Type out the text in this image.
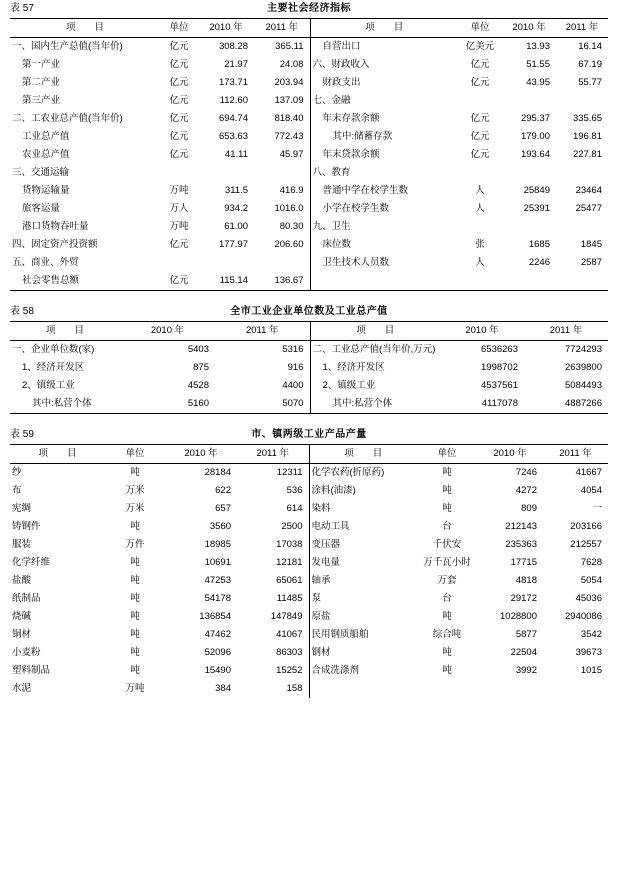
表 57	主要社会经济指标
项　　目	单位	2010 年	2011 年	项　　目	单位	2010 年	2011 年
一、国内生产总值(当年价)	亿元	308.28	365.11	自营出口	亿美元	13.93	16.14
第一产业	亿元	21.97	24.08	六、财政收入	亿元	51.55	67.19
第二产业	亿元	173.71	203.94	财政支出	亿元	43.95	55.77
第三产业	亿元	112.60	137.09	七、金融			
二、工农业总产值(当年价)	亿元	694.74	818.40	年末存款余额	亿元	295.37	335.65
工业总产值	亿元	653.63	772.43	其中:储蓄存款	亿元	179.00	196.81
农业总产值	亿元	41.11	45.97	年末贷款余额	亿元	193.64	227.81
三、交通运输				八、教育			
货物运输量	万吨	311.5	416.9	普通中学在校学生数	人	25849	23464
旅客运量	万人	934.2	1016.0	小学在校学生数	人	25391	25477
港口货物吞吐量	万吨	61.00	80.30	九、卫生			
四、固定资产投资额	亿元	177.97	206.60	床位数	张	1685	1845
五、商业、外贸				卫生技术人员数	人	2246	2587
社会零售总额	亿元	115.14	136.67				
表 58	全市工业企业单位数及工业总产值
项　　目	2010 年	2011 年	项　　目	2010 年	2011 年
一、企业单位数(家)	5403	5316	二、工业总产值(当年价,万元)	6536263	7724293
1、经济开发区	875	916	1、经济开发区	1998702	2639800
2、镇级工业	4528	4400	2、镇级工业	4537561	5084493
其中:私营个体	5160	5070	其中:私营个体	4117078	4887266
表 59	市、镇两级工业产品产量
项　　目	单位	2010 年	2011 年	项　　目	单位	2010 年	2011 年
纱	吨	28184	12311	化学农药(折原药)	吨	7246	41667
布	万米	622	536	涂料(油漆)	吨	4272	4054
宪绸	万米	657	614	染料	吨	809	一
铸钢件	吨	3560	2500	电动工具	台	212143	203166
服装	万件	18985	17038	变压器	千伏安	235363	212557
化学纤维	吨	10691	12181	发电量	万千瓦小时	17715	7628
盐酸	吨	47253	65061	轴承	万套	4818	5054
纸制品	吨	54178	11485	泵	台	29172	45036
烧碱	吨	136854	147849	原盐	吨	1028800	2940086
铜材	吨	47462	41067	民用钢质船舶	综合吨	5877	3542
小麦粉	吨	52096	86303	钢材	吨	22504	39673
塑料制品	吨	15490	15252	合成洗涤剂	吨	3992	1015
水泥	万吨	384	158				
